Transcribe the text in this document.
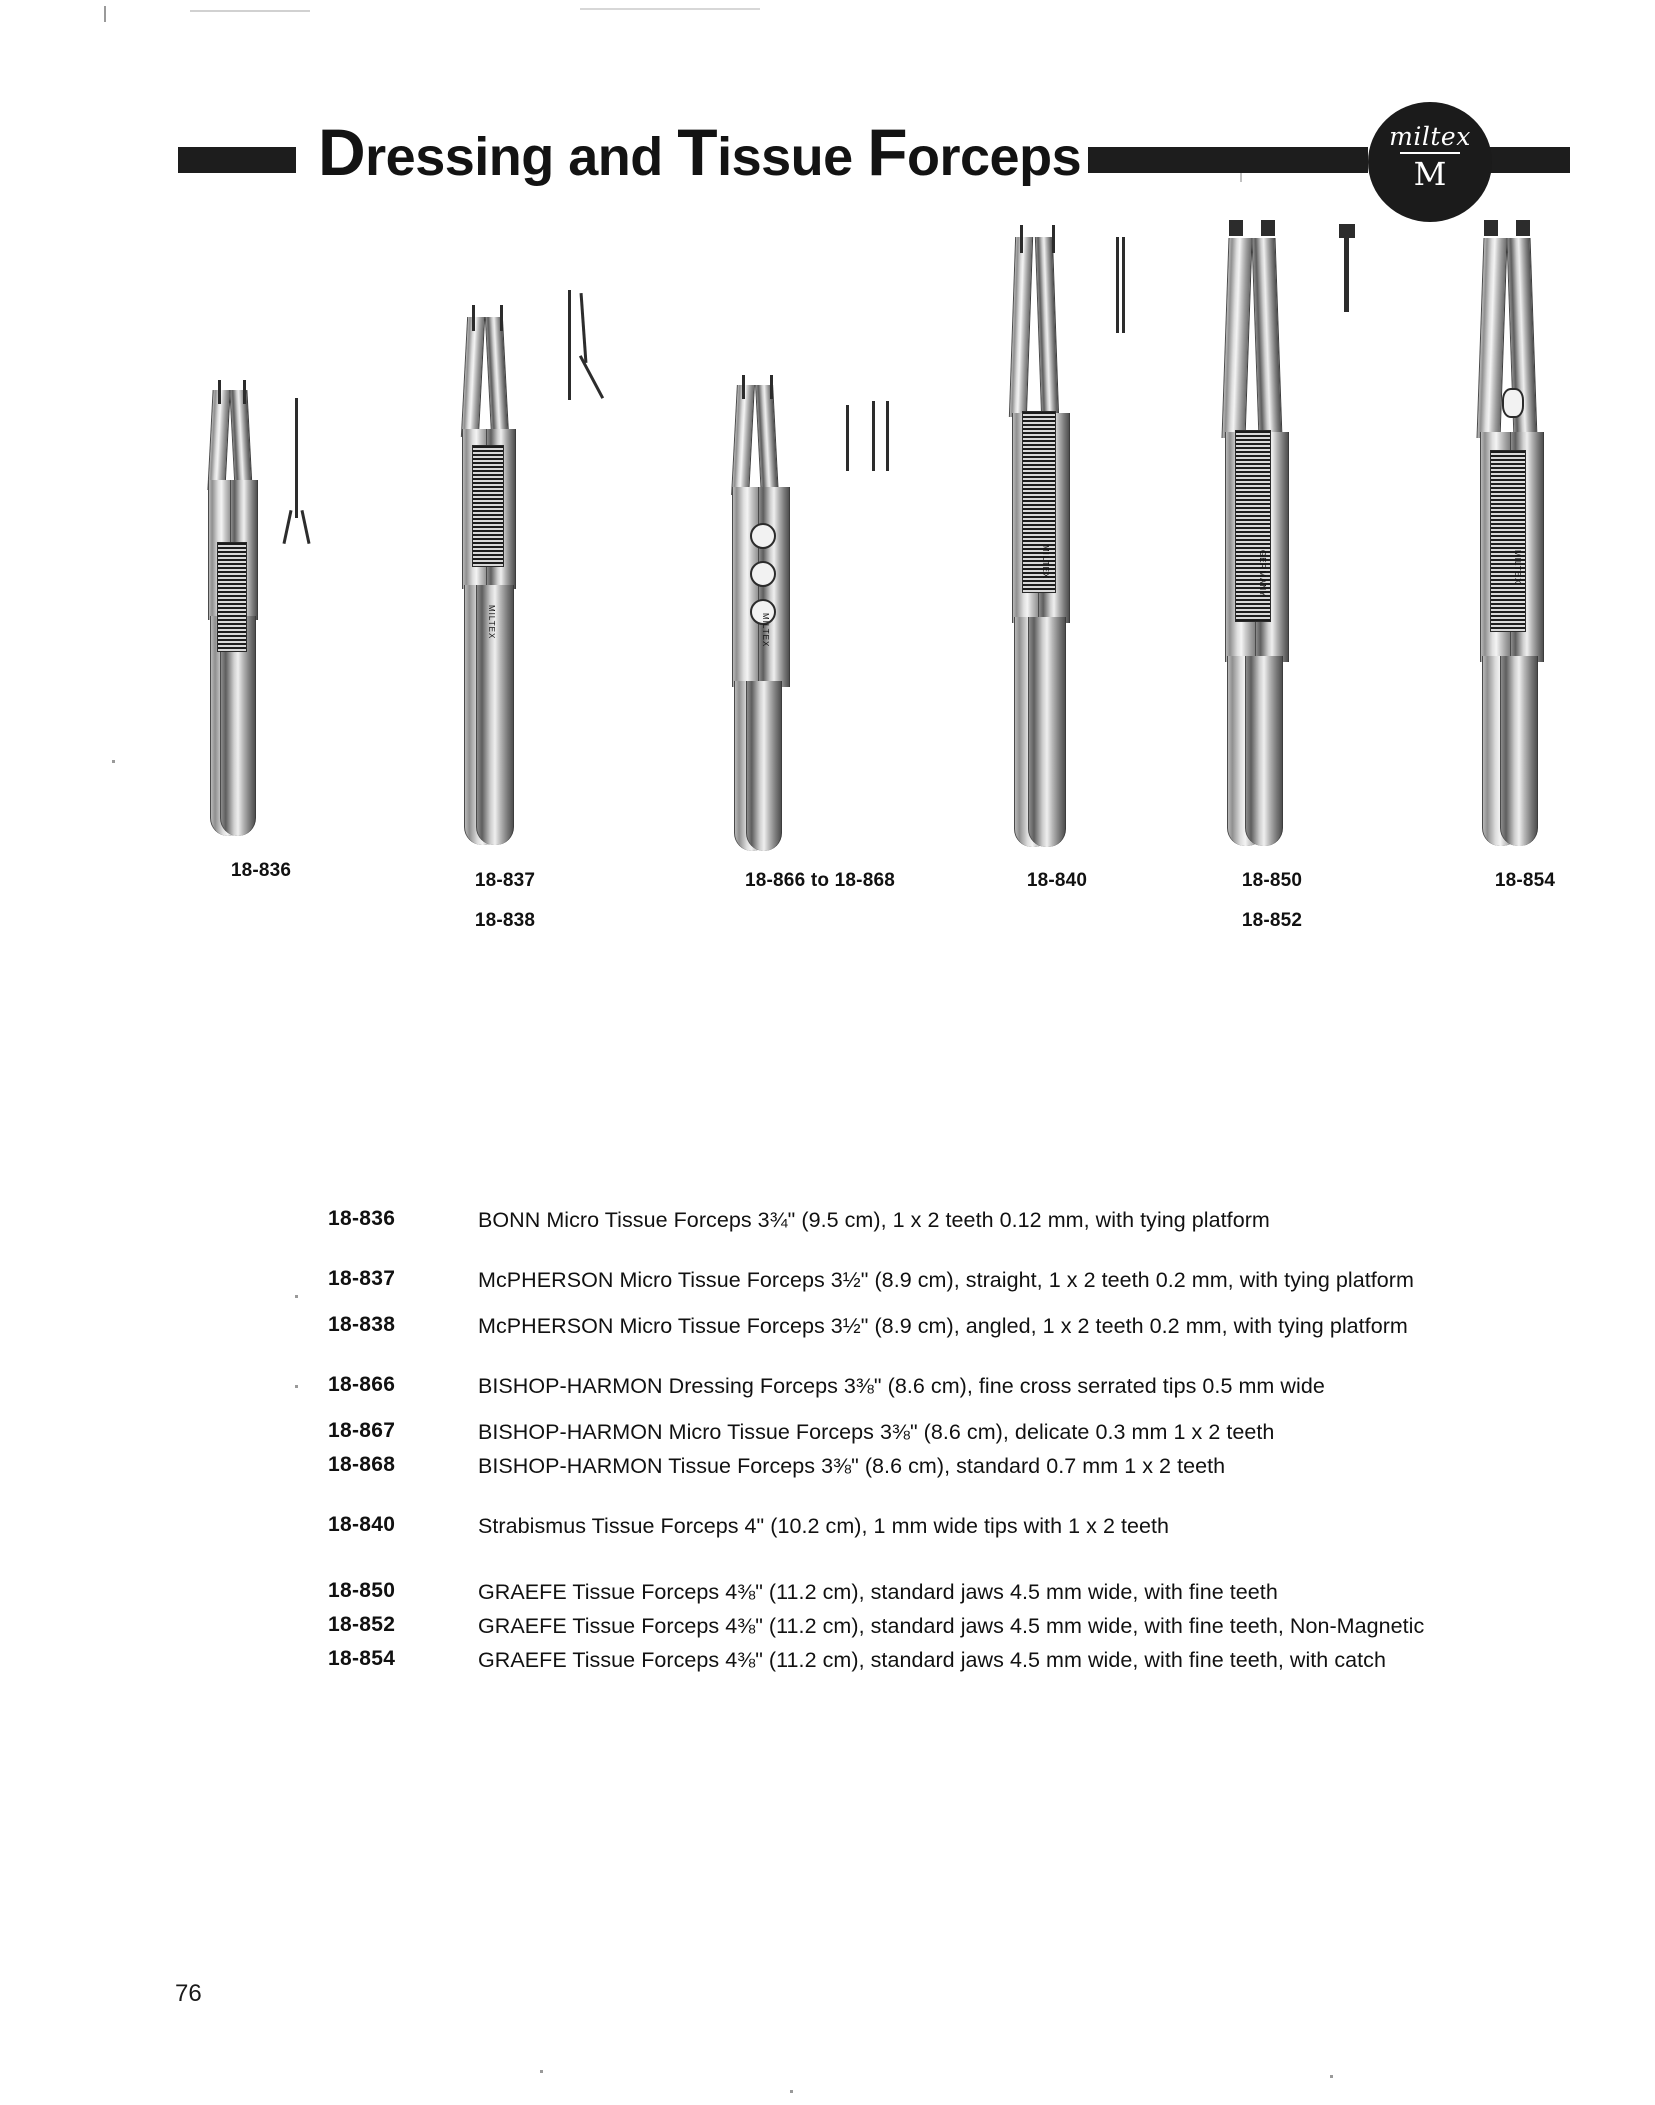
Dressing and Tissue Forceps	miltex
M
18-836
MILTEX
18-837
18-838
MILTEX
18-866 to 18-868
MILTEX
18-840
GERMANY
18-850
18-852
MILTEX
18-854
18-836	BONN Micro Tissue Forceps 3¾" (9.5 cm), 1 x 2 teeth 0.12 mm, with tying platform
18-837	McPHERSON Micro Tissue Forceps 3½" (8.9 cm), straight, 1 x 2 teeth 0.2 mm, with tying platform
18-838	McPHERSON Micro Tissue Forceps 3½" (8.9 cm), angled, 1 x 2 teeth 0.2 mm, with tying platform
18-866	BISHOP-HARMON Dressing Forceps 3⅜" (8.6 cm), fine cross serrated tips 0.5 mm wide
18-867	BISHOP-HARMON Micro Tissue Forceps 3⅜" (8.6 cm), delicate 0.3 mm 1 x 2 teeth
18-868	BISHOP-HARMON Tissue Forceps 3⅜" (8.6 cm), standard 0.7 mm 1 x 2 teeth
18-840	Strabismus Tissue Forceps 4" (10.2 cm), 1 mm wide tips with 1 x 2 teeth
18-850	GRAEFE Tissue Forceps 4⅜" (11.2 cm), standard jaws 4.5 mm wide, with fine teeth
18-852	GRAEFE Tissue Forceps 4⅜" (11.2 cm), standard jaws 4.5 mm wide, with fine teeth, Non-Magnetic
18-854	GRAEFE Tissue Forceps 4⅜" (11.2 cm), standard jaws 4.5 mm wide, with fine teeth, with catch
76
